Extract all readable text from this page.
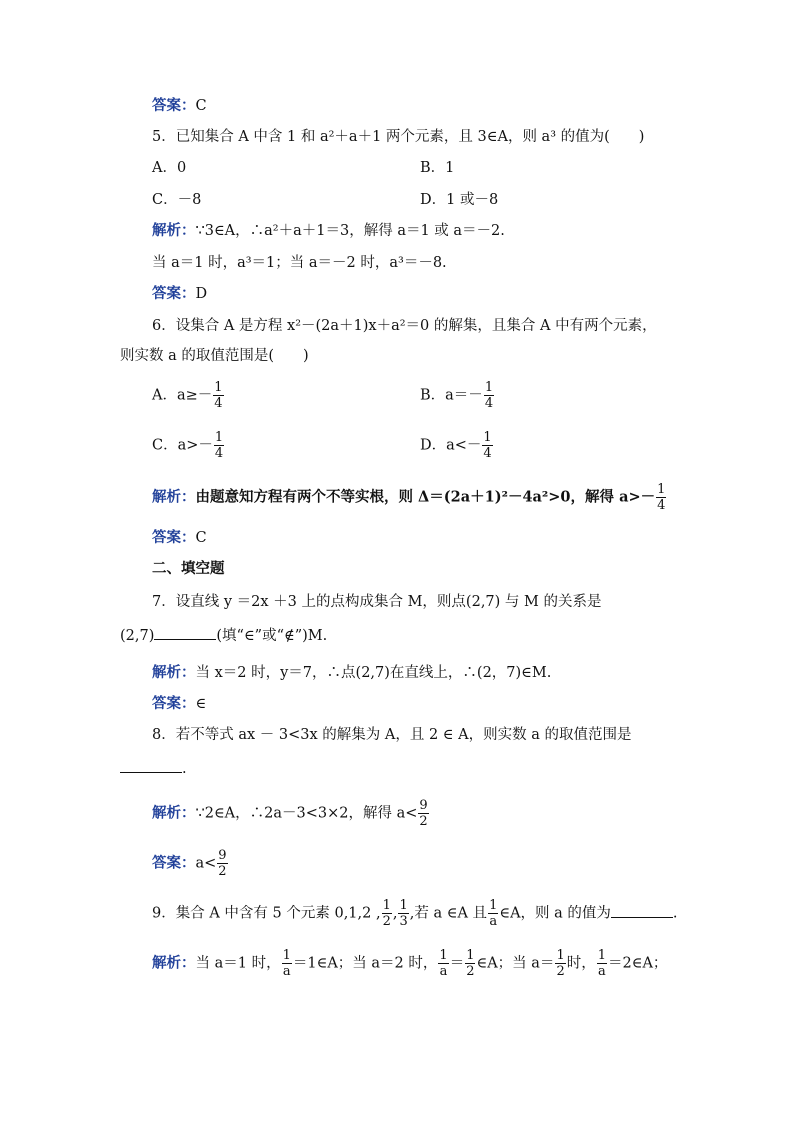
答案：C
5．已知集合 A 中含 1 和 a²＋a＋1 两个元素，且 3∈A，则 a³ 的值为(　　)
A．0	B．1
C．－8	D．1 或－8
解析：∵3∈A，∴a²＋a＋1＝3，解得 a＝1 或 a＝－2.
当 a＝1 时，a³＝1；当 a＝－2 时，a³＝－8.
答案：D
6．设集合 A 是方程 x²－(2a＋1)x＋a²＝0 的解集，且集合 A 中有两个元素，
则实数 a 的取值范围是(　　)
A．$a\ge- \frac{1}{4}$	B．$a=- \frac{1}{4}$
C．$a>- \frac{1}{4}$	D．$a<- \frac{1}{4}$
解析：由题意知方程有两个不等实根，则 Δ＝(2a＋1)²－4a²>0，解得 $a>- \frac{1}{4}$
答案：C
二、填空题
7．设直线 y ＝2x ＋3 上的点构成集合 M，则点(2,7) 与 M 的关系是
(2,7)	(填“∈”或“∉”)M.
解析：当 x＝2 时，y＝7，∴点(2,7)在直线上，∴(2，7)∈M.
答案：∈
8．若不等式 ax － 3<3x 的解集为 A，且 2 ∈ A，则实数 a 的取值范围是
.
解析：∵2∈A，∴2a－3<3×2，解得 $a< \frac{9}{2}$
答案：$a< \frac{9}{2}$
9．集合 A 中含有 5 个元素 0,1,2 , $\frac{1}{2}$ , $\frac{1}{3}$ ,若 a ∈A 且 $\frac{1}{a}$ ∈A，则 a 的值为	.
解析：当 a＝1 时， $\frac{1}{a}$ ＝1∈A；当 a＝2 时， $\frac{1}{a} = \frac{1}{2}$ ∈A；当 $a= \frac{1}{2}$ 时， $\frac{1}{a}$ ＝2∈A；
